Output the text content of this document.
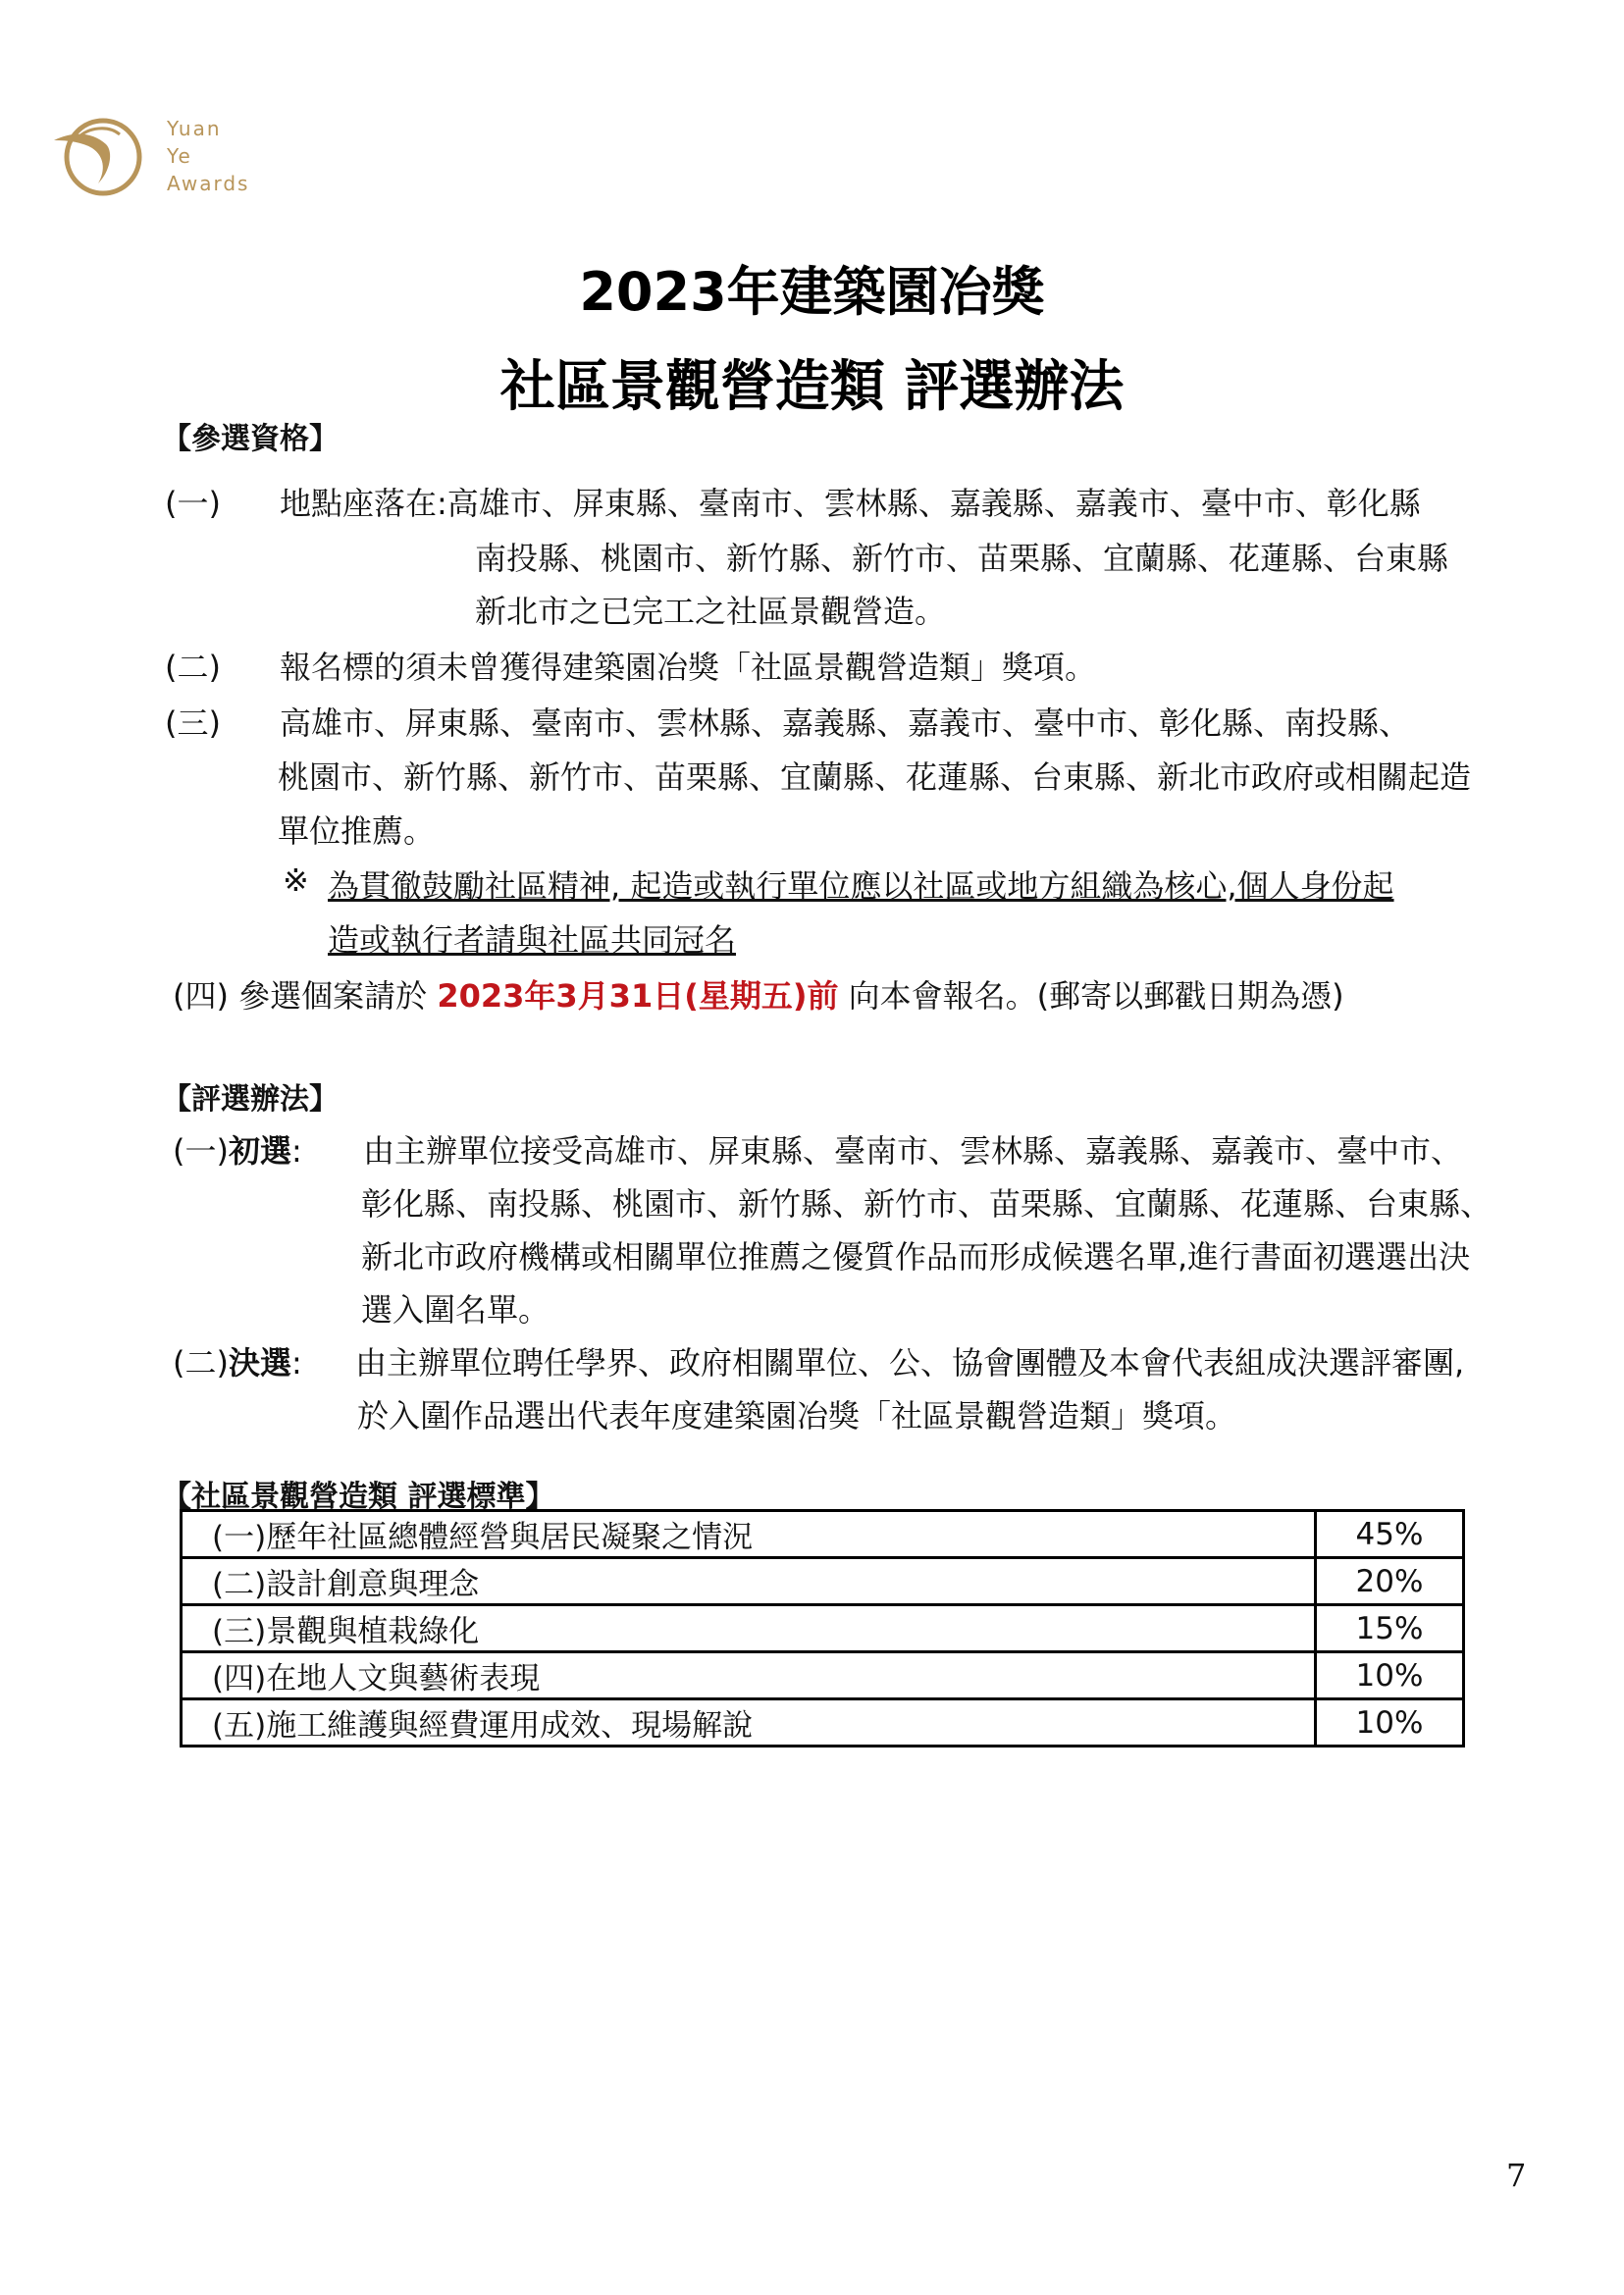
Yuan
Ye
Awards
2023年建築園冶獎
社區景觀營造類 評選辦法
【參選資格】
(一) 地點座落在:高雄市、屏東縣、臺南市、雲林縣、嘉義縣、嘉義市、臺中市、彰化縣
南投縣、桃園市、新竹縣、新竹市、苗栗縣、宜蘭縣、花蓮縣、台東縣
新北市之已完工之社區景觀營造。
(二) 報名標的須未曾獲得建築園冶獎「社區景觀營造類」獎項。
(三) 高雄市、屏東縣、臺南市、雲林縣、嘉義縣、嘉義市、臺中市、彰化縣、南投縣、
桃園市、新竹縣、新竹市、苗栗縣、宜蘭縣、花蓮縣、台東縣、新北市政府或相關起造
單位推薦。
※ 為貫徹鼓勵社區精神, 起造或執行單位應以社區或地方組織為核心,個人身份起
造或執行者請與社區共同冠名
(四) 參選個案請於 2023年3月31日(星期五)前 向本會報名。(郵寄以郵戳日期為憑)
【評選辦法】
(一)初選: 由主辦單位接受高雄市、屏東縣、臺南市、雲林縣、嘉義縣、嘉義市、臺中市、
彰化縣、南投縣、桃園市、新竹縣、新竹市、苗栗縣、宜蘭縣、花蓮縣、台東縣、
新北市政府機構或相關單位推薦之優質作品而形成候選名單,進行書面初選選出決
選入圍名單。
(二)決選: 由主辦單位聘任學界、政府相關單位、公、協會團體及本會代表組成決選評審團,
於入圍作品選出代表年度建築園冶獎「社區景觀營造類」獎項。
【社區景觀營造類 評選標準】
(一)歷年社區總體經營與居民凝聚之情況	45%
(二)設計創意與理念	20%
(三)景觀與植栽綠化	15%
(四)在地人文與藝術表現	10%
(五)施工維護與經費運用成效、現場解說	10%
7
